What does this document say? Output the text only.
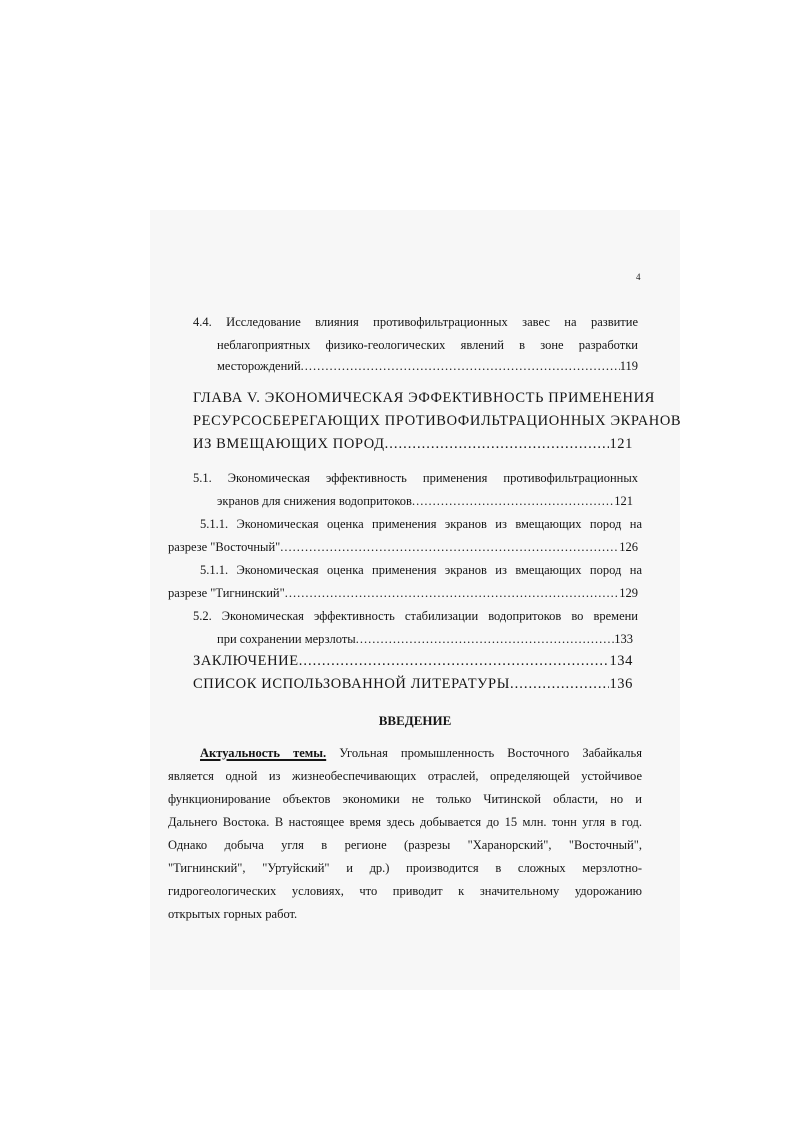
4
4.4. Исследование влияния противофильтрационных завес на развитие
неблагоприятных физико-геологических явлений в зоне разработки
месторождений .....	119
ГЛАВА V. ЭКОНОМИЧЕСКАЯ ЭФФЕКТИВНОСТЬ ПРИМЕНЕНИЯ
РЕСУРСОСБЕРЕГАЮЩИХ ПРОТИВОФИЛЬТРАЦИОННЫХ ЭКРАНОВ
ИЗ ВМЕЩАЮЩИХ ПОРОД .....	121
5.1. Экономическая эффективность применения противофильтрационных
экранов для снижения водопритоков .....	121
5.1.1. Экономическая оценка применения экранов из вмещающих пород на
разрезе "Восточный" .....	126
5.1.1. Экономическая оценка применения экранов из вмещающих пород на
разрезе "Тигнинский" .....	129
5.2. Экономическая эффективность стабилизации водопритоков во времени
при сохранении мерзлоты .....	133
ЗАКЛЮЧЕНИЕ .....	134
СПИСОК ИСПОЛЬЗОВАННОЙ ЛИТЕРАТУРЫ .....	136
ВВЕДЕНИЕ
Актуальность темы. Угольная промышленность Восточного Забайкалья
является одной из жизнеобеспечивающих отраслей, определяющей устойчивое
функционирование объектов экономики не только Читинской области, но и
Дальнего Востока. В настоящее время здесь добывается до 15 млн. тонн угля в год.
Однако добыча угля в регионе (разрезы "Харанорский", "Восточный",
"Тигнинский", "Уртуйский" и др.) производится в сложных мерзлотно-
гидрогеологических условиях, что приводит к значительному удорожанию
открытых горных работ.
